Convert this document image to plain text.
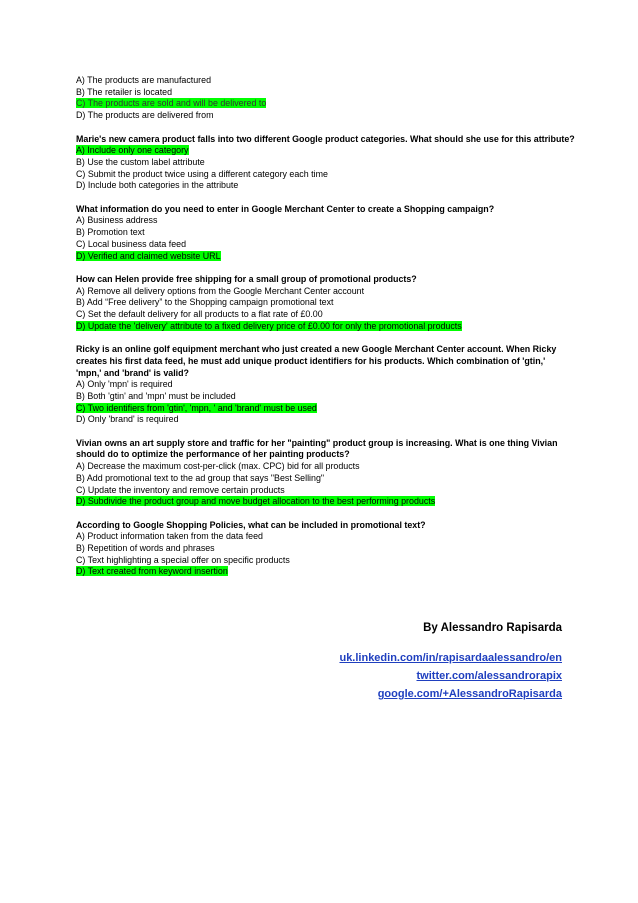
A) The products are manufactured
B) The retailer is located
C) The products are sold and will be delivered to
D) The products are delivered from
Marie's new camera product falls into two different Google product categories. What should she use for this attribute?
A) Include only one category
B) Use the custom label attribute
C) Submit the product twice using a different category each time
D) Include both categories in the attribute
What information do you need to enter in Google Merchant Center to create a Shopping campaign?
A) Business address
B) Promotion text
C) Local business data feed
D) Verified and claimed website URL
How can Helen provide free shipping for a small group of promotional products?
A) Remove all delivery options from the Google Merchant Center account
B) Add “Free delivery” to the Shopping campaign promotional text
C) Set the default delivery for all products to a flat rate of £0.00
D) Update the 'delivery' attribute to a fixed delivery price of £0.00 for only the promotional products
Ricky is an online golf equipment merchant who just created a new Google Merchant Center account. When Ricky creates his first data feed, he must add unique product identifiers for his products. Which combination of 'gtin,' 'mpn,' and 'brand' is valid?
A) Only 'mpn' is required
B) Both 'gtin' and 'mpn' must be included
C) Two identifiers from 'gtin', 'mpn, ' and 'brand' must be used
D) Only 'brand' is required
Vivian owns an art supply store and traffic for her "painting" product group is increasing. What is one thing Vivian should do to optimize the performance of her painting products?
A) Decrease the maximum cost-per-click (max. CPC) bid for all products
B) Add promotional text to the ad group that says "Best Selling"
C) Update the inventory and remove certain products
D) Subdivide the product group and move budget allocation to the best performing products
According to Google Shopping Policies, what can be included in promotional text?
A) Product information taken from the data feed
B) Repetition of words and phrases
C) Text highlighting a special offer on specific products
D) Text created from keyword insertion
By Alessandro Rapisarda
uk.linkedin.com/in/rapisardaalessandro/en
twitter.com/alessandrorapix
google.com/+AlessandroRapisarda
